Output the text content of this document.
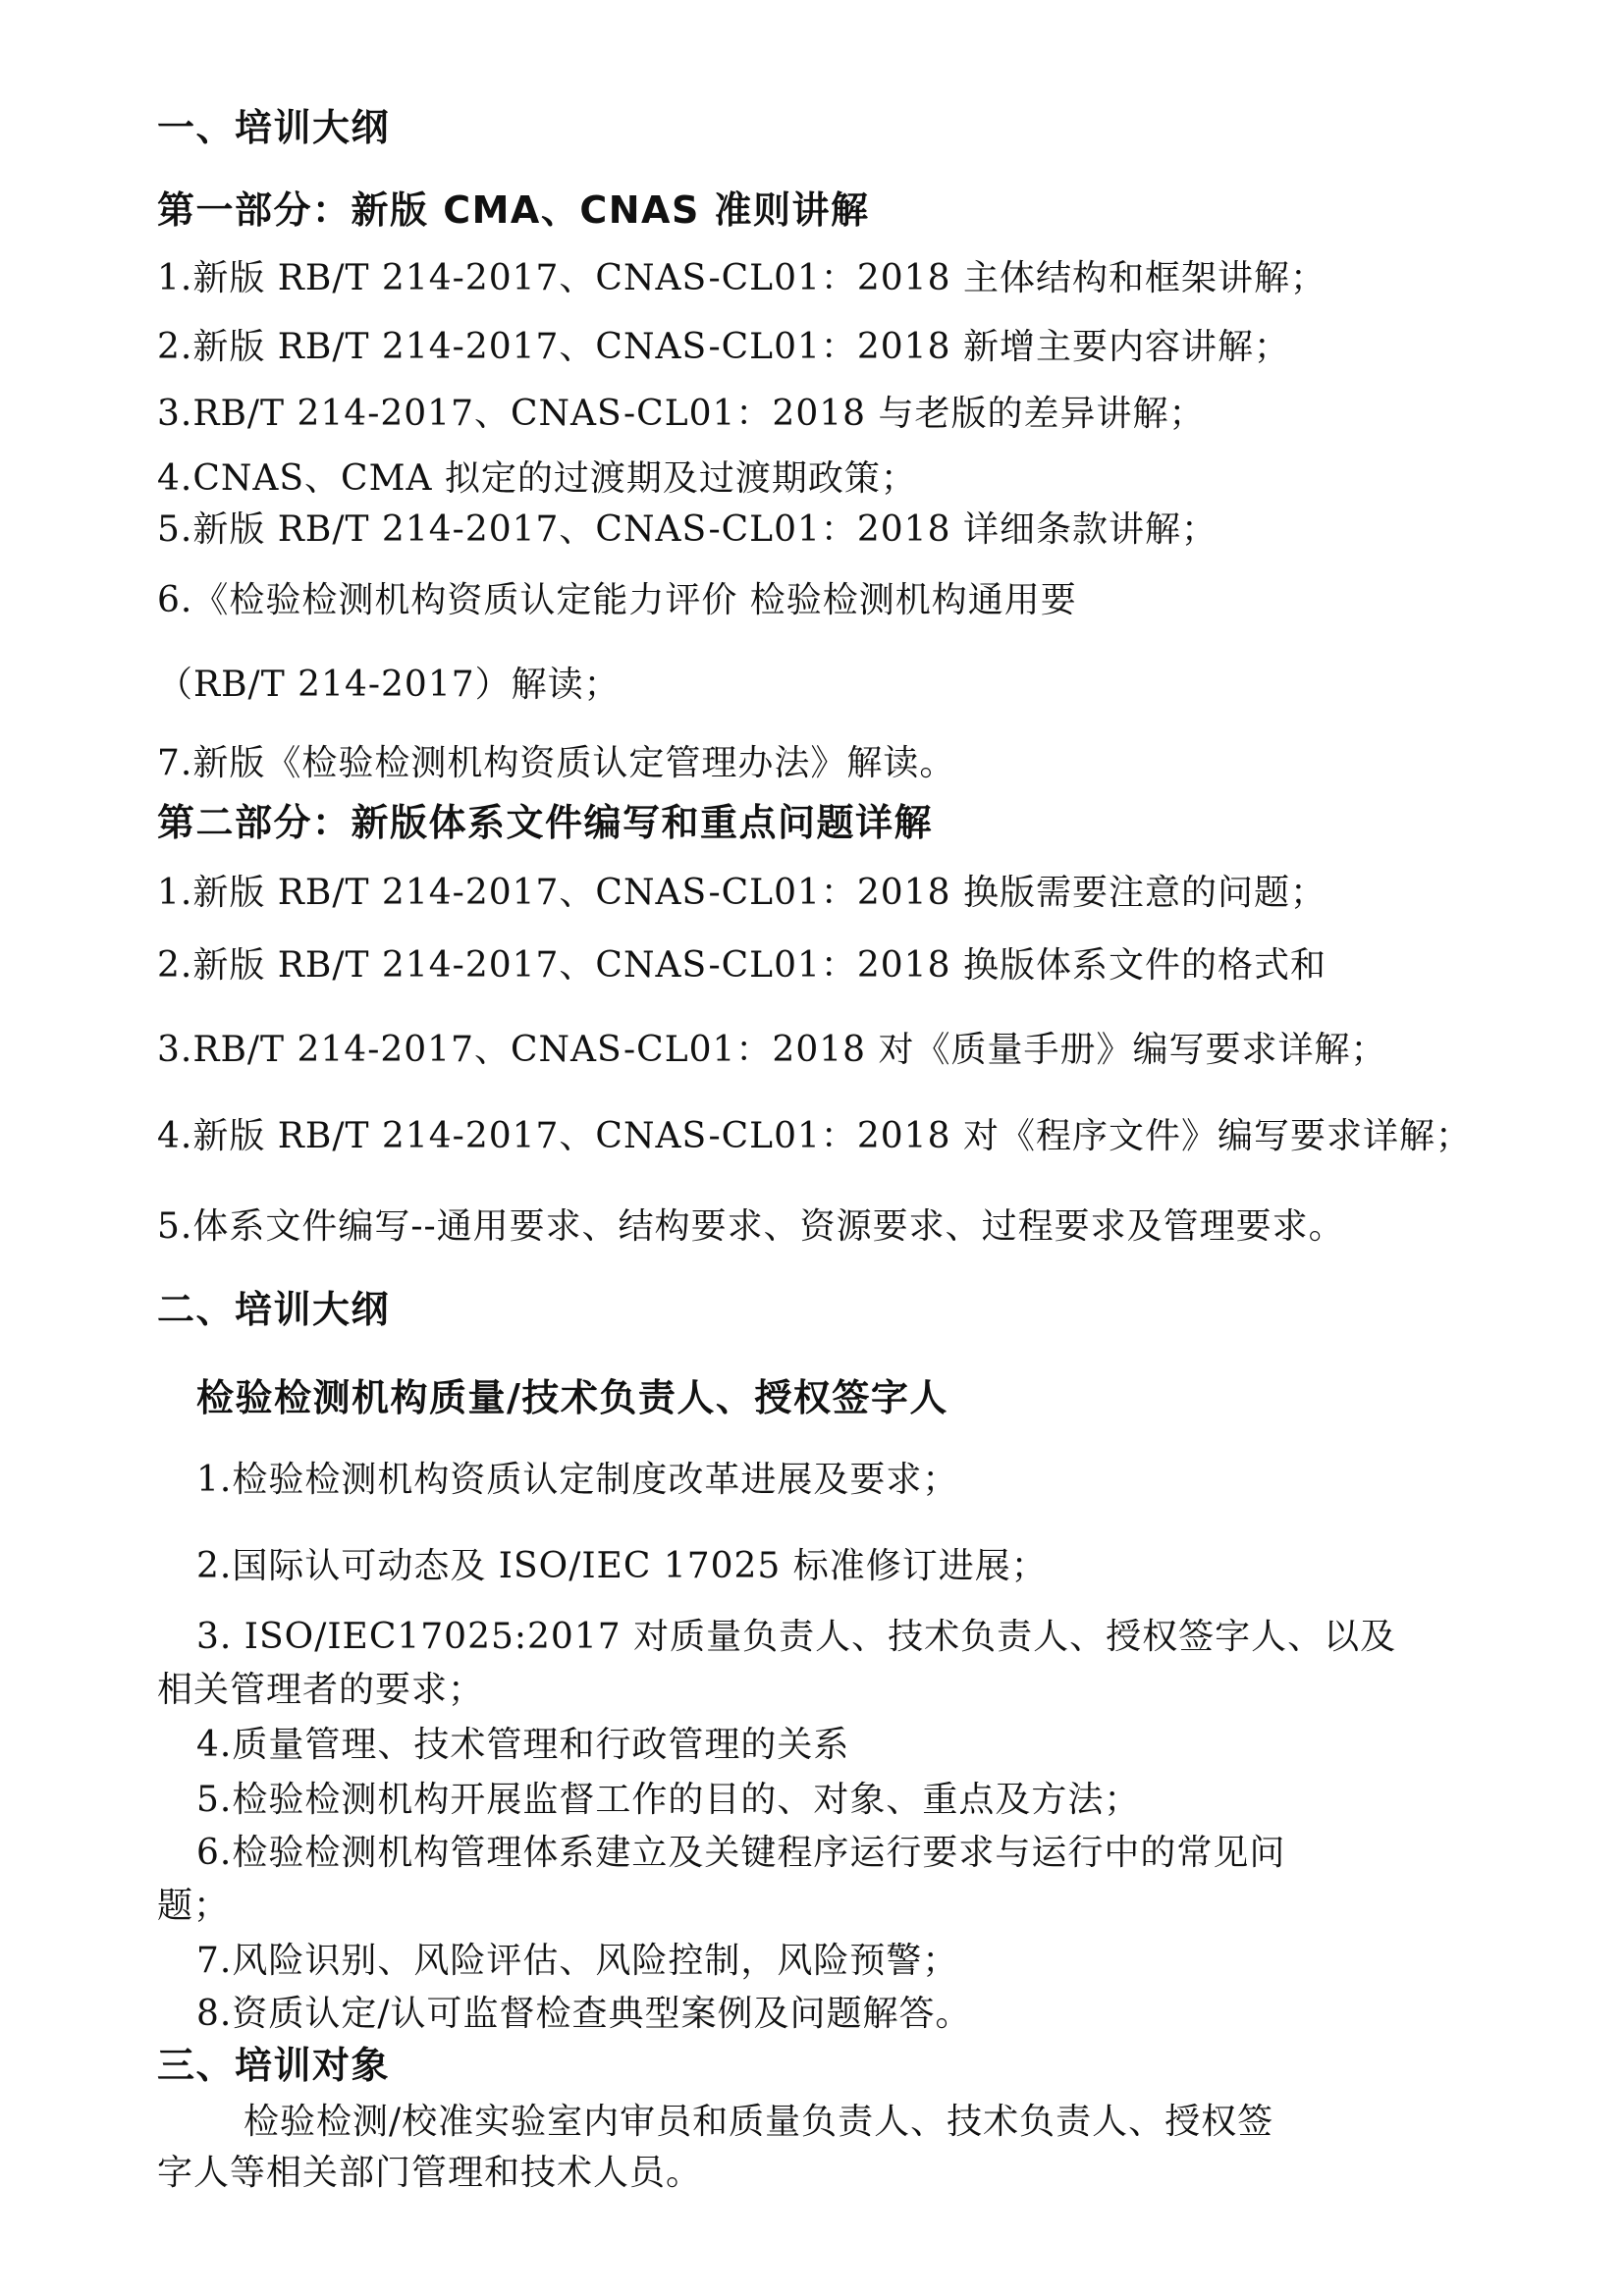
一、培训大纲
第一部分：新版 CMA、CNAS 准则讲解
1.新版 RB/T 214-2017、CNAS-CL01：2018 主体结构和框架讲解；
2.新版 RB/T 214-2017、CNAS-CL01：2018 新增主要内容讲解；
3.RB/T 214-2017、CNAS-CL01：2018 与老版的差异讲解；
4.CNAS、CMA 拟定的过渡期及过渡期政策；
5.新版 RB/T 214-2017、CNAS-CL01：2018 详细条款讲解；
6.《检验检测机构资质认定能力评价 检验检测机构通用要
（RB/T 214-2017）解读；
7.新版《检验检测机构资质认定管理办法》解读。
第二部分：新版体系文件编写和重点问题详解
1.新版 RB/T 214-2017、CNAS-CL01：2018 换版需要注意的问题；
2.新版 RB/T 214-2017、CNAS-CL01：2018 换版体系文件的格式和
3.RB/T 214-2017、CNAS-CL01：2018 对《质量手册》编写要求详解；
4.新版 RB/T 214-2017、CNAS-CL01：2018 对《程序文件》编写要求详解；
5.体系文件编写--通用要求、结构要求、资源要求、过程要求及管理要求。
二、培训大纲
检验检测机构质量/技术负责人、授权签字人
1.检验检测机构资质认定制度改革进展及要求；
2.国际认可动态及 ISO/IEC 17025 标准修订进展；
3. ISO/IEC17025:2017 对质量负责人、技术负责人、授权签字人、以及
相关管理者的要求；
4.质量管理、技术管理和行政管理的关系
5.检验检测机构开展监督工作的目的、对象、重点及方法；
6.检验检测机构管理体系建立及关键程序运行要求与运行中的常见问
题；
7.风险识别、风险评估、风险控制，风险预警；
8.资质认定/认可监督检查典型案例及问题解答。
三、培训对象
检验检测/校准实验室内审员和质量负责人、技术负责人、授权签
字人等相关部门管理和技术人员。
